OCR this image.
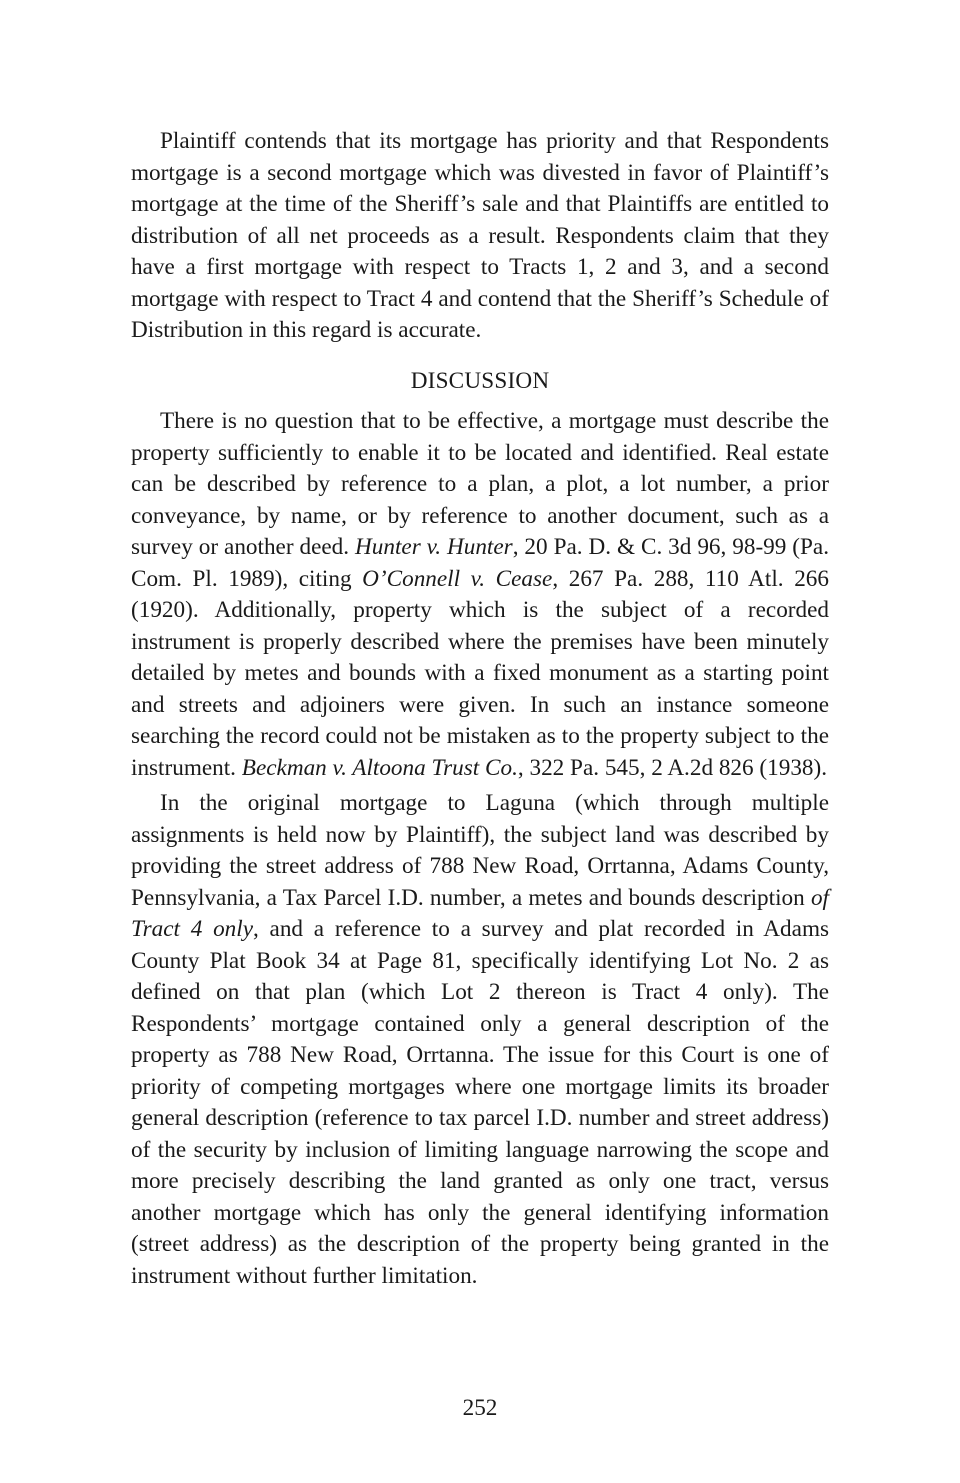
Plaintiff contends that its mortgage has priority and that Respondents mortgage is a second mortgage which was divested in favor of Plaintiff’s mortgage at the time of the Sheriff’s sale and that Plaintiffs are entitled to distribution of all net proceeds as a result. Respondents claim that they have a first mortgage with respect to Tracts 1, 2 and 3, and a second mortgage with respect to Tract 4 and contend that the Sheriff’s Schedule of Distribution in this regard is accurate.

DISCUSSION

There is no question that to be effective, a mortgage must describe the property sufficiently to enable it to be located and identified. Real estate can be described by reference to a plan, a plot, a lot number, a prior conveyance, by name, or by reference to another document, such as a survey or another deed. Hunter v. Hunter, 20 Pa. D. & C. 3d 96, 98-99 (Pa. Com. Pl. 1989), citing O’Connell v. Cease, 267 Pa. 288, 110 Atl. 266 (1920). Additionally, property which is the subject of a recorded instrument is properly described where the premises have been minutely detailed by metes and bounds with a fixed monument as a starting point and streets and adjoiners were given. In such an instance someone searching the record could not be mistaken as to the property subject to the instrument. Beckman v. Altoona Trust Co., 322 Pa. 545, 2 A.2d 826 (1938).

In the original mortgage to Laguna (which through multiple assignments is held now by Plaintiff), the subject land was described by providing the street address of 788 New Road, Orrtanna, Adams County, Pennsylvania, a Tax Parcel I.D. number, a metes and bounds description of Tract 4 only, and a reference to a survey and plat recorded in Adams County Plat Book 34 at Page 81, specifically identifying Lot No. 2 as defined on that plan (which Lot 2 thereon is Tract 4 only). The Respondents’ mortgage contained only a general description of the property as 788 New Road, Orrtanna. The issue for this Court is one of priority of competing mortgages where one mortgage limits its broader general description (reference to tax parcel I.D. number and street address) of the security by inclusion of limiting language narrowing the scope and more precisely describing the land granted as only one tract, versus another mortgage which has only the general identifying information (street address) as the description of the property being granted in the instrument without further limitation.

252
